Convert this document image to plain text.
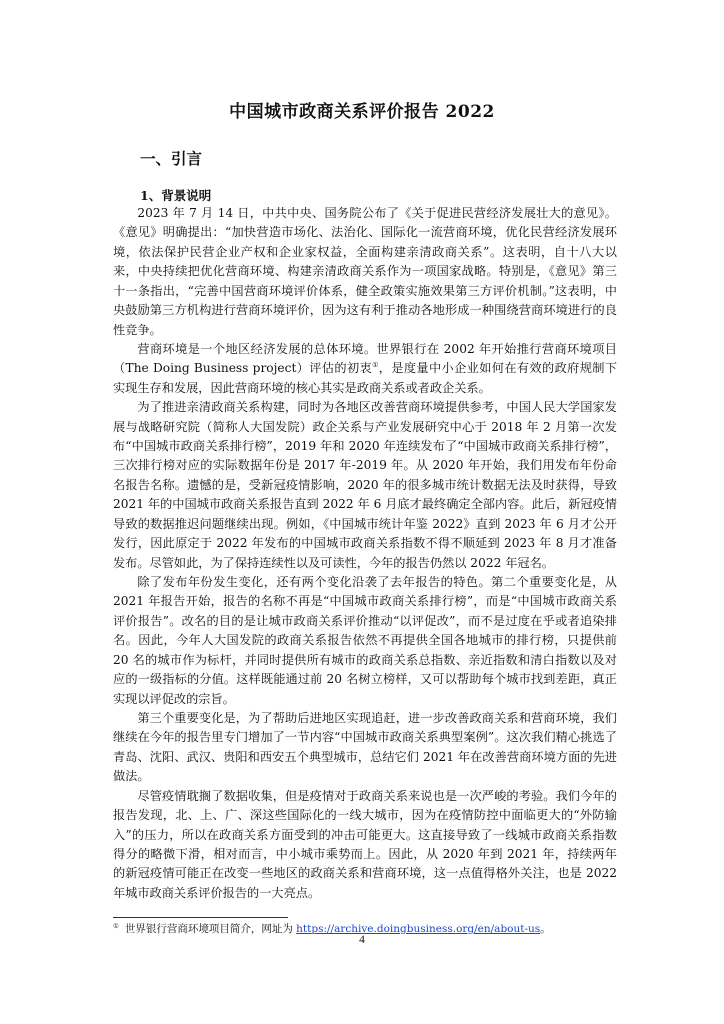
中国城市政商关系评价报告 2022
一、引言
1、背景说明

2023 年 7 月 14 日，中共中央、国务院公布了《关于促进民营经济发展壮大的意见》。《意见》明确提出：“加快营造市场化、法治化、国际化一流营商环境，优化民营经济发展环境，依法保护民营企业产权和企业家权益，全面构建亲清政商关系”。这表明，自十八大以来，中央持续把优化营商环境、构建亲清政商关系作为一项国家战略。特别是，《意见》第三十一条指出，“完善中国营商环境评价体系，健全政策实施效果第三方评价机制。”这表明，中央鼓励第三方机构进行营商环境评价，因为这有利于推动各地形成一种围绕营商环境进行的良性竞争。

营商环境是一个地区经济发展的总体环境。世界银行在 2002 年开始推行营商环境项目（The Doing Business project）评估的初衷①，是度量中小企业如何在有效的政府规制下实现生存和发展，因此营商环境的核心其实是政商关系或者政企关系。

为了推进亲清政商关系构建，同时为各地区改善营商环境提供参考，中国人民大学国家发展与战略研究院（简称人大国发院）政企关系与产业发展研究中心于 2018 年 2 月第一次发布“中国城市政商关系排行榜”，2019 年和 2020 年连续发布了“中国城市政商关系排行榜”，三次排行榜对应的实际数据年份是 2017 年-2019 年。从 2020 年开始，我们用发布年份命名报告名称。遗憾的是，受新冠疫情影响，2020 年的很多城市统计数据无法及时获得，导致 2021 年的中国城市政商关系报告直到 2022 年 6 月底才最终确定全部内容。此后，新冠疫情导致的数据推迟问题继续出现。例如，《中国城市统计年鉴 2022》直到 2023 年 6 月才公开发行，因此原定于 2022 年发布的中国城市政商关系指数不得不顺延到 2023 年 8 月才准备发布。尽管如此，为了保持连续性以及可读性，今年的报告仍然以 2022 年冠名。

除了发布年份发生变化，还有两个变化沿袭了去年报告的特色。第二个重要变化是，从 2021 年报告开始，报告的名称不再是“中国城市政商关系排行榜”，而是“中国城市政商关系评价报告”。改名的目的是让城市政商关系评价推动“以评促改”，而不是过度在乎或者追染排名。因此，今年人大国发院的政商关系报告依然不再提供全国各地城市的排行榜，只提供前 20 名的城市作为标杆，并同时提供所有城市的政商关系总指数、亲近指数和清白指数以及对应的一级指标的分值。这样既能通过前 20 名树立榜样，又可以帮助每个城市找到差距，真正实现以评促改的宗旨。

第三个重要变化是，为了帮助后进地区实现追赶，进一步改善政商关系和营商环境，我们继续在今年的报告里专门增加了一节内容“中国城市政商关系典型案例”。这次我们精心挑选了青岛、沈阳、武汉、贵阳和西安五个典型城市，总结它们 2021 年在改善营商环境方面的先进做法。

尽管疫情耽搁了数据收集，但是疫情对于政商关系来说也是一次严峻的考验。我们今年的报告发现，北、上、广、深这些国际化的一线大城市，因为在疫情防控中面临更大的“外防输入”的压力，所以在政商关系方面受到的冲击可能更大。这直接导致了一线城市政商关系指数得分的略微下滑，相对而言，中小城市乘势而上。因此，从 2020 年到 2021 年，持续两年的新冠疫情可能正在改变一些地区的政商关系和营商环境，这一点值得格外关注，也是 2022 年城市政商关系评价报告的一大亮点。

① 世界银行营商环境项目简介，网址为 https://archive.doingbusiness.org/en/about-us。
4
